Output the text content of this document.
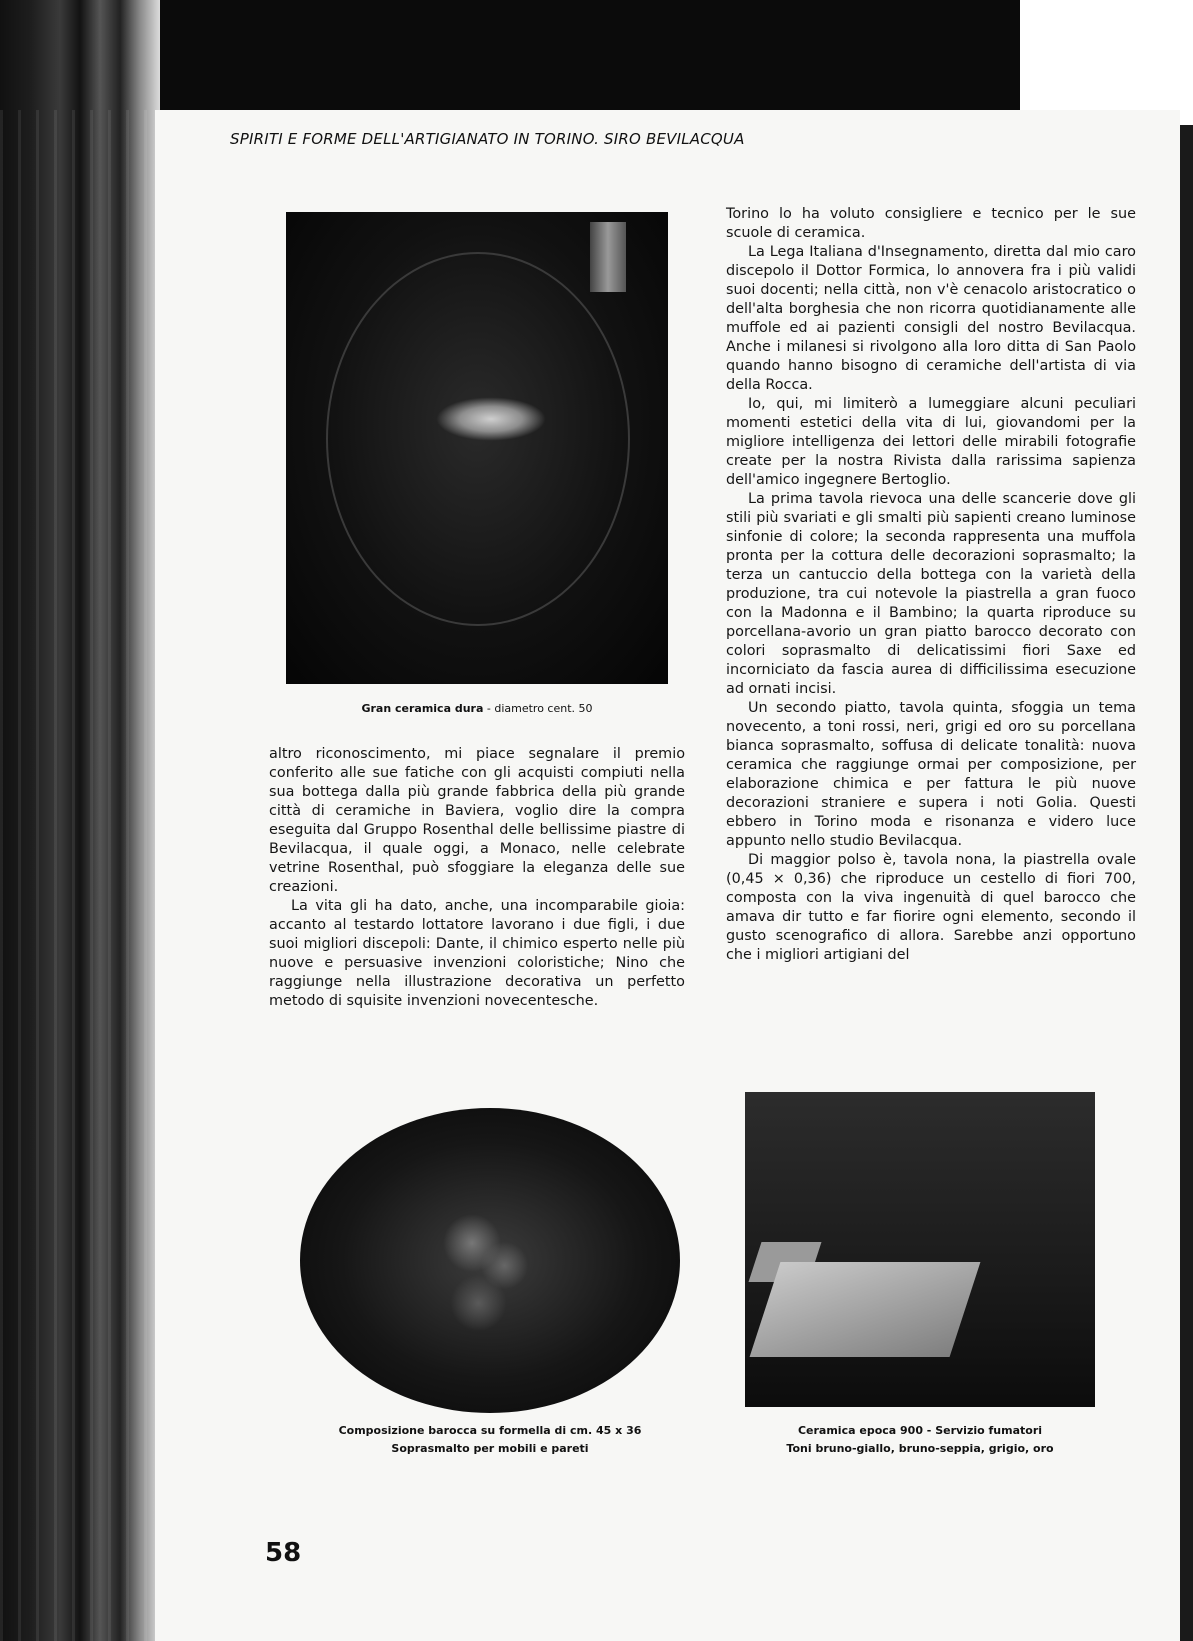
SPIRITI E FORME DELL'ARTIGIANATO IN TORINO. SIRO BEVILACQUA
Gran ceramica dura - diametro cent. 50

altro riconoscimento, mi piace segnalare il premio conferito alle sue fatiche con gli acquisti compiuti nella sua bottega dalla più grande fabbrica della più grande città di ceramiche in Baviera, voglio dire la compra eseguita dal Gruppo Rosenthal delle bellissime piastre di Bevilacqua, il quale oggi, a Monaco, nelle celebrate vetrine Rosenthal, può sfoggiare la eleganza delle sue creazioni.

La vita gli ha dato, anche, una incomparabile gioia: accanto al testardo lottatore lavorano i due figli, i due suoi migliori discepoli: Dante, il chimico esperto nelle più nuove e persuasive invenzioni coloristiche; Nino che raggiunge nella illustrazione decorativa un perfetto metodo di squisite invenzioni novecentesche.

Torino lo ha voluto consigliere e tecnico per le sue scuole di ceramica.

La Lega Italiana d'Insegnamento, diretta dal mio caro discepolo il Dottor Formica, lo annovera fra i più validi suoi docenti; nella città, non v'è cenacolo aristocratico o dell'alta borghesia che non ricorra quotidianamente alle muffole ed ai pazienti consigli del nostro Bevilacqua. Anche i milanesi si rivolgono alla loro ditta di San Paolo quando hanno bisogno di ceramiche dell'artista di via della Rocca.

Io, qui, mi limiterò a lumeggiare alcuni peculiari momenti estetici della vita di lui, giovandomi per la migliore intelligenza dei lettori delle mirabili fotografie create per la nostra Rivista dalla rarissima sapienza dell'amico ingegnere Bertoglio.

La prima tavola rievoca una delle scancerie dove gli stili più svariati e gli smalti più sapienti creano luminose sinfonie di colore; la seconda rappresenta una muffola pronta per la cottura delle decorazioni soprasmalto; la terza un cantuccio della bottega con la varietà della produzione, tra cui notevole la piastrella a gran fuoco con la Madonna e il Bambino; la quarta riproduce su porcellana-avorio un gran piatto barocco decorato con colori soprasmalto di delicatissimi fiori Saxe ed incorniciato da fascia aurea di difficilissima esecuzione ad ornati incisi.

Un secondo piatto, tavola quinta, sfoggia un tema novecento, a toni rossi, neri, grigi ed oro su porcellana bianca soprasmalto, soffusa di delicate tonalità: nuova ceramica che raggiunge ormai per composizione, per elaborazione chimica e per fattura le più nuove decorazioni straniere e supera i noti Golia. Questi ebbero in Torino moda e risonanza e videro luce appunto nello studio Bevilacqua.

Di maggior polso è, tavola nona, la piastrella ovale (0,45 × 0,36) che riproduce un cestello di fiori 700, composta con la viva ingenuità di quel barocco che amava dir tutto e far fiorire ogni elemento, secondo il gusto scenografico di allora. Sarebbe anzi opportuno che i migliori artigiani del

Composizione barocca su formella di cm. 45 x 36
Soprasmalto per mobili e pareti
Ceramica epoca 900 - Servizio fumatori
Toni bruno-giallo, bruno-seppia, grigio, oro
58
